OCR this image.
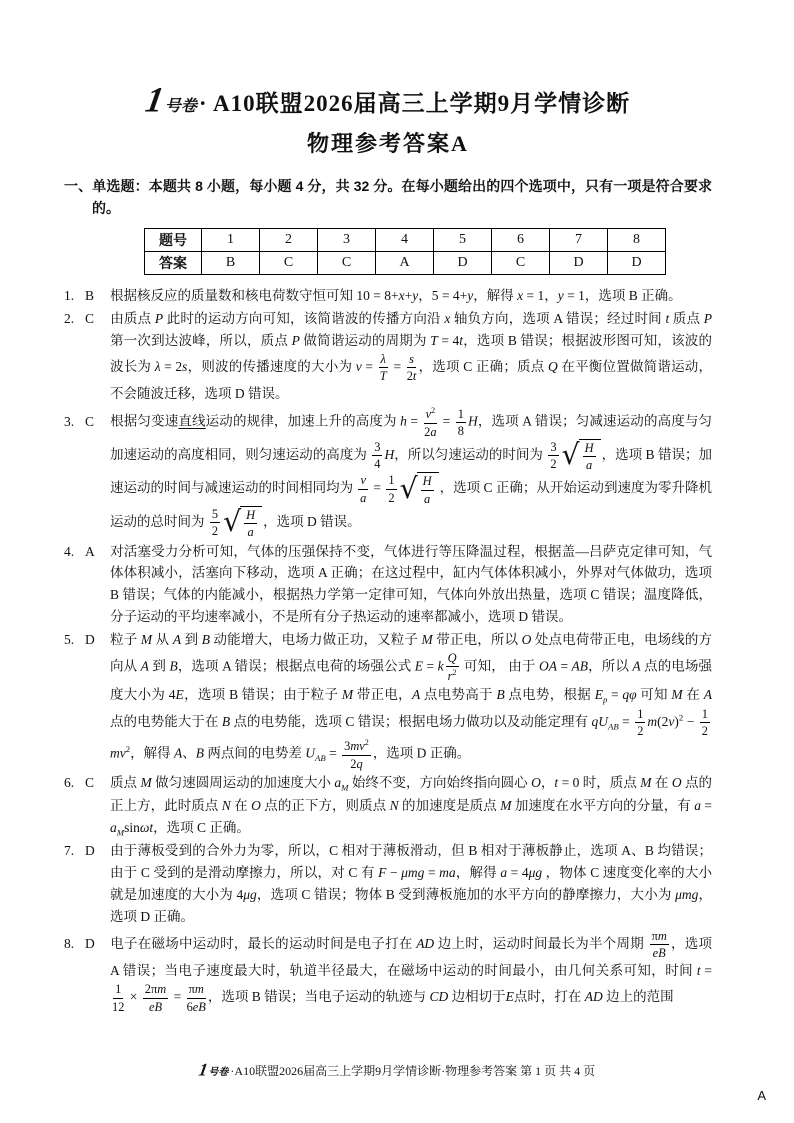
1号卷· A10联盟2026届高三上学期9月学情诊断
物理参考答案A
一、单选题：本题共 8 小题，每小题 4 分，共 32 分。在每小题给出的四个选项中，只有一项是符合要求的。
题号	1	2	3	4	5	6	7	8
答案	B	C	C	A	D	C	D	D
1. B 根据核反应的质量数和核电荷数守恒可知 10 = 8+x+y，5 = 4+y，解得 x = 1，y = 1，选项 B 正确。
2. C 由质点 P 此时的运动方向可知，该简谐波的传播方向沿 x 轴负方向，选项 A 错误；经过时间 t 质点 P 第一次到达波峰，所以，质点 P 做简谐运动的周期为 T = 4t，选项 B 错误；根据波形图可知，该波的波长为 λ = 2s，则波的传播速度的大小为 $v = \frac{\lambda}{T} = \frac{s}{2t}$ ，选项 C 正确；质点 Q 在平衡位置做简谐运动，不会随波迁移，选项 D 错误。
3. C 根据匀变速直线运动的规律，加速上升的高度为 $h = \frac{v^2}{2a} = \frac{1}{8}$ H，选项 A 错误；匀减速运动的高度与匀加速运动的高度相同，则匀速运动的高度为 $\frac{3}{4}$ H，所以匀速运动的时间为 $\frac{3}{2}$ √ $\frac{H}{a}$ ，选项 B 错误；加速运动的时间与减速运动的时间相同均为 $\frac{v}{a} = \frac{1}{2}$ √ $\frac{H}{a}$ ，选项 C 正确；从开始运动到速度为零升降机运动的总时间为 $\frac{5}{2}$ √ $\frac{H}{a}$ ，选项 D 错误。
4. A 对活塞受力分析可知，气体的压强保持不变，气体进行等压降温过程，根据盖—吕萨克定律可知，气体体积减小，活塞向下移动，选项 A 正确；在这过程中，缸内气体体积减小，外界对气体做功，选项 B 错误；气体的内能减小，根据热力学第一定律可知，气体向外放出热量，选项 C 错误；温度降低，分子运动的平均速率减小，不是所有分子热运动的速率都减小，选项 D 错误。
5. D 粒子 M 从 A 到 B 动能增大，电场力做正功，又粒子 M 带正电，所以 O 处点电荷带正电，电场线的方向从 A 到 B，选项 A 错误；根据点电荷的场强公式 E = k $\frac{Q}{r^2}$ 可知， 由于 OA = AB，所以 A 点的电场强度大小为 4E，选项 B 错误；由于粒子 M 带正电，A 点电势高于 B 点电势，根据 $E_p = q\varphi$ 可知 M 在 A 点的电势能大于在 B 点的电势能，选项 C 错误；根据电场力做功以及动能定理有 $qU_{AB} = \frac{1}{2} m(2v)^2 - \frac{1}{2}$
$mv^2$，解得 A、B 两点间的电势差 $U_{AB} = \frac{3mv^2}{2q}$ ，选项 D 正确。
6. C 质点 M 做匀速圆周运动的加速度大小 $a_M$ 始终不变，方向始终指向圆心 O，t = 0 时，质点 M 在 O 点的正上方，此时质点 N 在 O 点的正下方，则质点 N 的加速度是质点 M 加速度在水平方向的分量，有 $a = a_M\sin\omega t$，选项 C 正确。
7. D 由于薄板受到的合外力为零，所以，C 相对于薄板滑动，但 B 相对于薄板静止，选项 A、B 均错误；由于 C 受到的是滑动摩擦力，所以，对 C 有 F − μmg = ma，解得 a = 4μg ，物体 C 速度变化率的大小就是加速度的大小为 4μg，选项 C 错误；物体 B 受到薄板施加的水平方向的静摩擦力，大小为 μmg，选项 D 正确。
8. D 电子在磁场中运动时，最长的运动时间是电子打在 AD 边上时，运动时间最长为半个周期 $\frac{\pi m}{eB}$ ，选项 A 错误；当电子速度最大时，轨道半径最大，在磁场中运动的时间最小，由几何关系可知，时间 t =
$\frac{1}{12} \times \frac{2\pi m}{eB} = \frac{\pi m}{6eB}$ ，选项 B 错误；当电子运动的轨迹与 CD 边相切于E点时，打在 AD 边上的范围
1号卷 ·A10联盟2026届高三上学期9月学情诊断·物理参考答案 第 1 页 共 4 页
A
